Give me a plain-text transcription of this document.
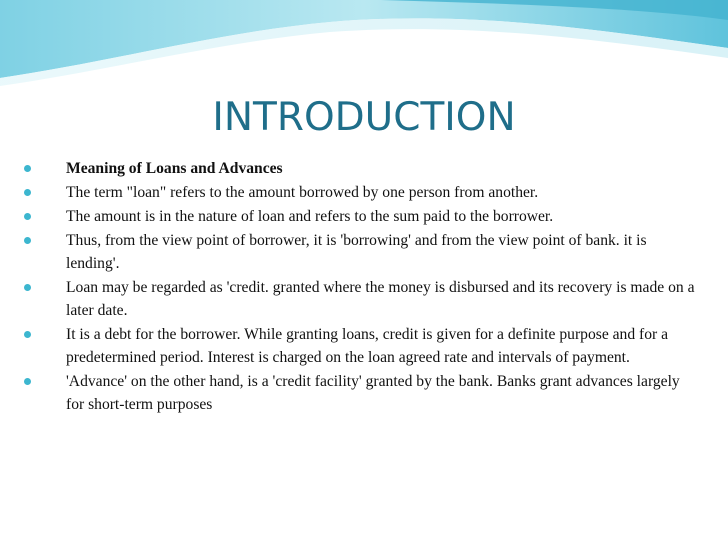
INTRODUCTION
Meaning of Loans and Advances
The term "loan" refers to the amount borrowed by one person from another.
The amount is in the nature of loan and refers to the sum paid to the borrower.
Thus, from the view point of borrower, it is 'borrowing' and from the view point of bank. it is lending'.
Loan may be regarded as 'credit. granted where the money is disbursed and its recovery is made on a later date.
It is a debt for the borrower. While granting loans, credit is given for a definite purpose and for a predetermined period. Interest is charged on the loan agreed rate and intervals of payment.
'Advance' on the other hand, is a 'credit facility' granted by the bank. Banks grant advances largely for short-term purposes
